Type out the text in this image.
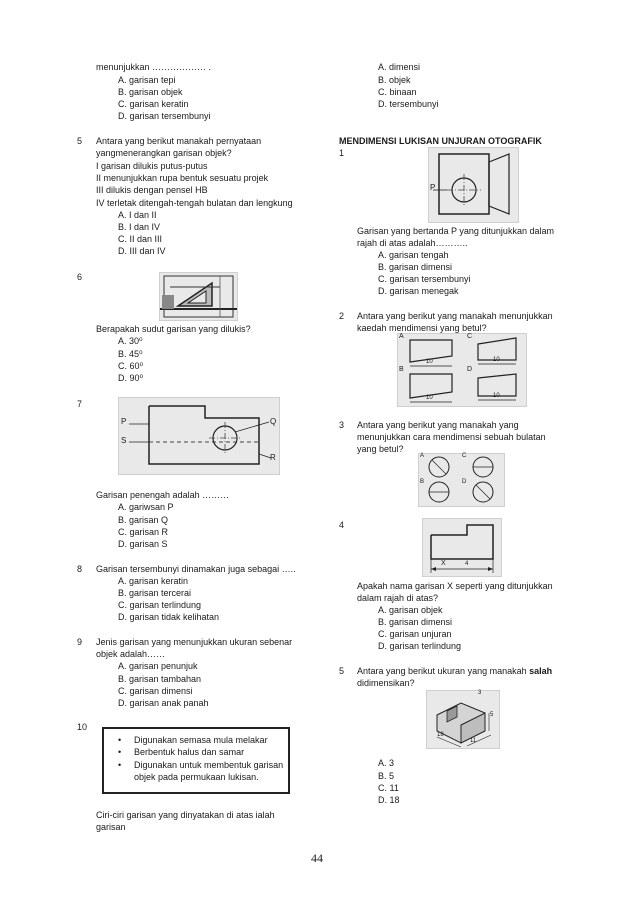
menunjukkan ……………… .
A. garisan tepi
B. garisan objek
C. garisan keratin
D. garisan tersembunyi
5 Antara yang berikut manakah pernyataan
yangmenerangkan garisan objek?
I garisan dilukis putus-putus
II menunjukkan rupa bentuk sesuatu projek
III dilukis dengan pensel HB
IV terletak ditengah-tengah bulatan dan lengkung
A. I dan II
B. I dan IV
C. II dan III
D. III dan IV
6
Berapakah sudut garisan yang dilukis?
A. 30⁰
B. 45⁰
C. 60⁰
D. 90⁰
7
P
S
Q
R
Garisan penengah adalah ………
A. gariwsan P
B. garisan Q
C. garisan R
D. garisan S
8 Garisan tersembunyi dinamakan juga sebagai …..
A. garisan keratin
B. garisan tercerai
C. garisan terlindung
D. garisan tidak kelihatan
9 Jenis garisan yang menunjukkan ukuran sebenar
objek adalah……
A. garisan penunjuk
B. garisan tambahan
C. garisan dimensi
D. garisan anak panah
10
• Digunakan semasa mula melakar
• Berbentuk halus dan samar
• Digunakan untuk membentuk garisan
objek pada permukaan lukisan.
Ciri-ciri garisan yang dinyatakan di atas ialah
garisan
A. dimensi
B. objek
C. binaan
D. tersembunyi
MENDIMENSI LUKISAN UNJURAN OTOGRAFIK
1
P
Garisan yang bertanda P yang ditunjukkan dalam
rajah di atas adalah………..
A. garisan tengah
B. garisan dimensi
C. garisan tersembunyi
D. garisan menegak
2 Antara yang berikut yang manakah menunjukkan
kaedah mendimensi yang betul?
A
B
C
D
10	10
10	10
3 Antara yang berikut yang manakah yang
menunjukkan cara mendimensi sebuah bulatan
yang betul?
A
B
C
D
4
X	4
Apakah nama garisan X seperti yang ditunjukkan
dalam rajah di atas?
A. garisan objek
B. garisan dimensi
C. garisan unjuran
D. garisan terlindung
5 Antara yang berikut ukuran yang manakah salah
didimensikan?
3
5
18
11
A. 3
B. 5
C. 11
D. 18
44
